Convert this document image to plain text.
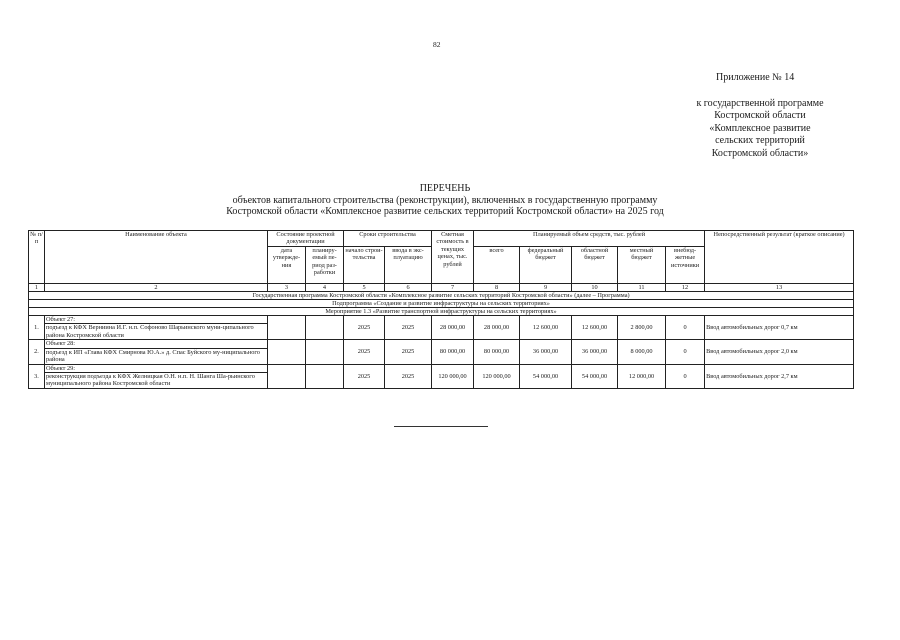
82
Приложение № 14
к государственной программе
Костромской области
«Комплексное развитие
сельских территорий
Костромской области»
ПЕРЕЧЕНЬ
объектов капитального строительства (реконструкции), включенных в государственную программу
Костромской области «Комплексное развитие сельских территорий Костромской области» на 2025 год
№ п/п	Наименование объекта	Состояние проектной документации		Сроки строительства		Сметная стоимость в текущих ценах, тыс. рублей	Планируемый объем средств, тыс. рублей					Непосредственный результат (краткое описание)
		дата утвержде-ния	планиру-емый пе-риод раз-работки	начало строи-тельства	ввода в экс-плуатацию		всего	федеральный бюджет	областной бюджет	местный бюджет	внебюд-жетные источники	
1	2	3	4	5	6	7	8	9	10	11	12	13
Государственная программа Костромской области «Комплексное развитие сельских территорий Костромской области» (далее – Программа)												
Подпрограмма «Создание и развитие инфраструктуры на сельских территориях»												
Мероприятие 1.3 «Развитие транспортной инфраструктуры на сельских территориях»												
1.	Объект 27:			2025	2025	28 000,00	28 000,00	12 600,00	12 600,00	2 800,00	0	Ввод автомобильных дорог 0,7 км
	подъезд к КФХ Верниина И.Г. н.п. Софоново Шарьинского муни-ципального района Костромской области											
2.	Объект 28:			2025	2025	80 000,00	80 000,00	36 000,00	36 000,00	8 000,00	0	Ввод автомобильных дорог 2,0 км
	подъезд к ИП «Глава КФХ Смирнова Ю.А.» д. Спас Буйского му-ниципального района											
3.	Объект 29:			2025	2025	120 000,00	120 000,00	54 000,00	54 000,00	12 000,00	0	Ввод автомобильных дорог 2,7 км
	реконструкция подъезда к КФХ Желницкая О.Н. н.п. Н. Шанга Ша-рьинского муниципального района Костромской области											
